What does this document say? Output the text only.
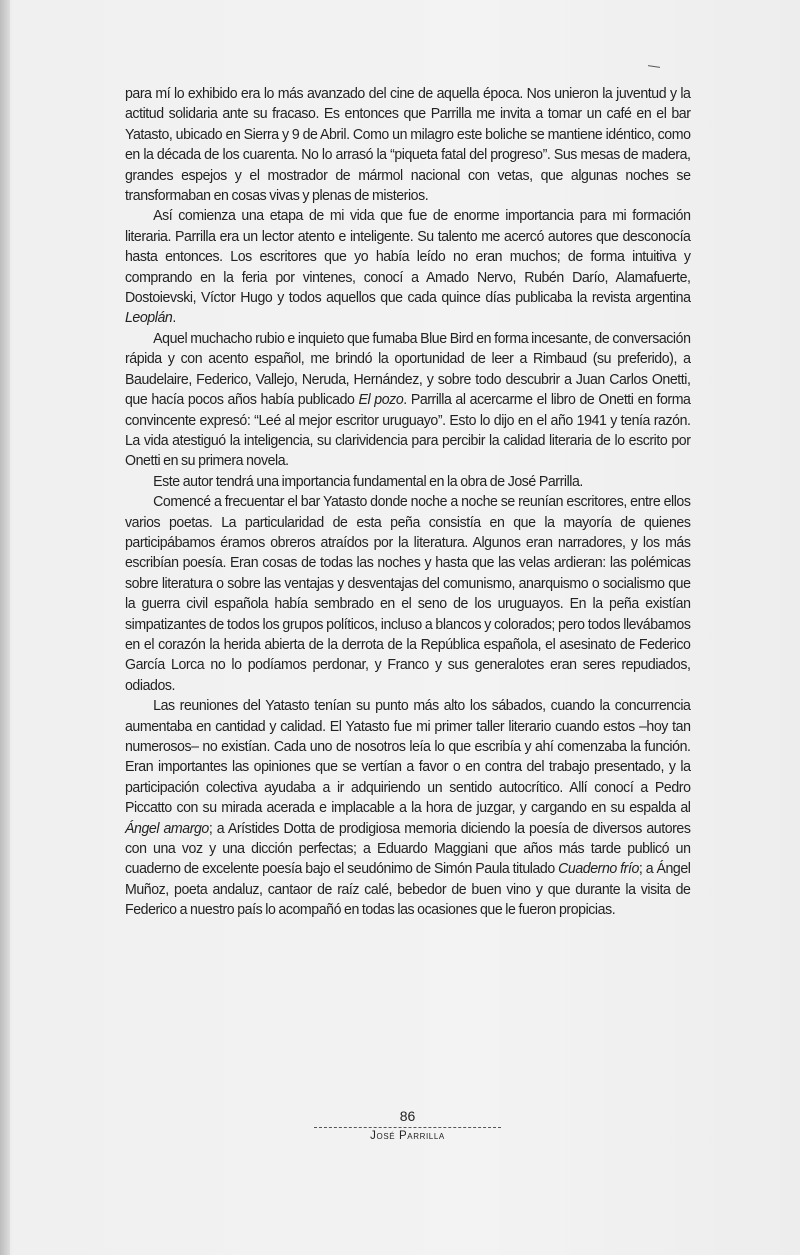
para mí lo exhibido era lo más avanzado del cine de aquella época. Nos unieron la juventud y la actitud solidaria ante su fracaso. Es entonces que Parrilla me invita a tomar un café en el bar Yatasto, ubicado en Sierra y 9 de Abril. Como un milagro este boliche se mantiene idéntico, como en la década de los cuarenta. No lo arrasó la “piqueta fatal del progreso”. Sus mesas de madera, grandes espejos y el mostrador de mármol nacional con vetas, que algunas noches se transformaban en cosas vivas y plenas de misterios.

Así comienza una etapa de mi vida que fue de enorme importancia para mi formación literaria. Parrilla era un lector atento e inteligente. Su talento me acercó autores que desconocía hasta entonces. Los escritores que yo había leído no eran muchos; de forma intuitiva y comprando en la feria por vintenes, conocí a Amado Nervo, Rubén Darío, Alamafuerte, Dostoievski, Víctor Hugo y todos aquellos que cada quince días publicaba la revista argentina Leoplán.

Aquel muchacho rubio e inquieto que fumaba Blue Bird en forma incesante, de conversación rápida y con acento español, me brindó la oportunidad de leer a Rimbaud (su preferido), a Baudelaire, Federico, Vallejo, Neruda, Hernández, y sobre todo descubrir a Juan Carlos Onetti, que hacía pocos años había publicado El pozo. Parrilla al acercarme el libro de Onetti en forma convincente expresó: “Leé al mejor escritor uruguayo”. Esto lo dijo en el año 1941 y tenía razón. La vida atestiguó la inteligencia, su clarividencia para percibir la calidad literaria de lo escrito por Onetti en su primera novela.

Este autor tendrá una importancia fundamental en la obra de José Parrilla.

Comencé a frecuentar el bar Yatasto donde noche a noche se reunían escritores, entre ellos varios poetas. La particularidad de esta peña consistía en que la mayoría de quienes participábamos éramos obreros atraídos por la literatura. Algunos eran narradores, y los más escribían poesía. Eran cosas de todas las noches y hasta que las velas ardieran: las polémicas sobre literatura o sobre las ventajas y desventajas del comunismo, anarquismo o socialismo que la guerra civil española había sembrado en el seno de los uruguayos. En la peña existían simpatizantes de todos los grupos políticos, incluso a blancos y colorados; pero todos llevábamos en el corazón la herida abierta de la derrota de la República española, el asesinato de Federico García Lorca no lo podíamos perdonar, y Franco y sus generalotes eran seres repudiados, odiados.

Las reuniones del Yatasto tenían su punto más alto los sábados, cuando la concurrencia aumentaba en cantidad y calidad. El Yatasto fue mi primer taller literario cuando estos –hoy tan numerosos– no existían. Cada uno de nosotros leía lo que escribía y ahí comenzaba la función. Eran importantes las opiniones que se vertían a favor o en contra del trabajo presentado, y la participación colectiva ayudaba a ir adquiriendo un sentido autocrítico. Allí conocí a Pedro Piccatto con su mirada acerada e implacable a la hora de juzgar, y cargando en su espalda al Ángel amargo; a Arístides Dotta de prodigiosa memoria diciendo la poesía de diversos autores con una voz y una dicción perfectas; a Eduardo Maggiani que años más tarde publicó un cuaderno de excelente poesía bajo el seudónimo de Simón Paula titulado Cuaderno frío; a Ángel Muñoz, poeta andaluz, cantaor de raíz calé, bebedor de buen vino y que durante la visita de Federico a nuestro país lo acompañó en todas las ocasiones que le fueron propicias.

86
José Parrilla
